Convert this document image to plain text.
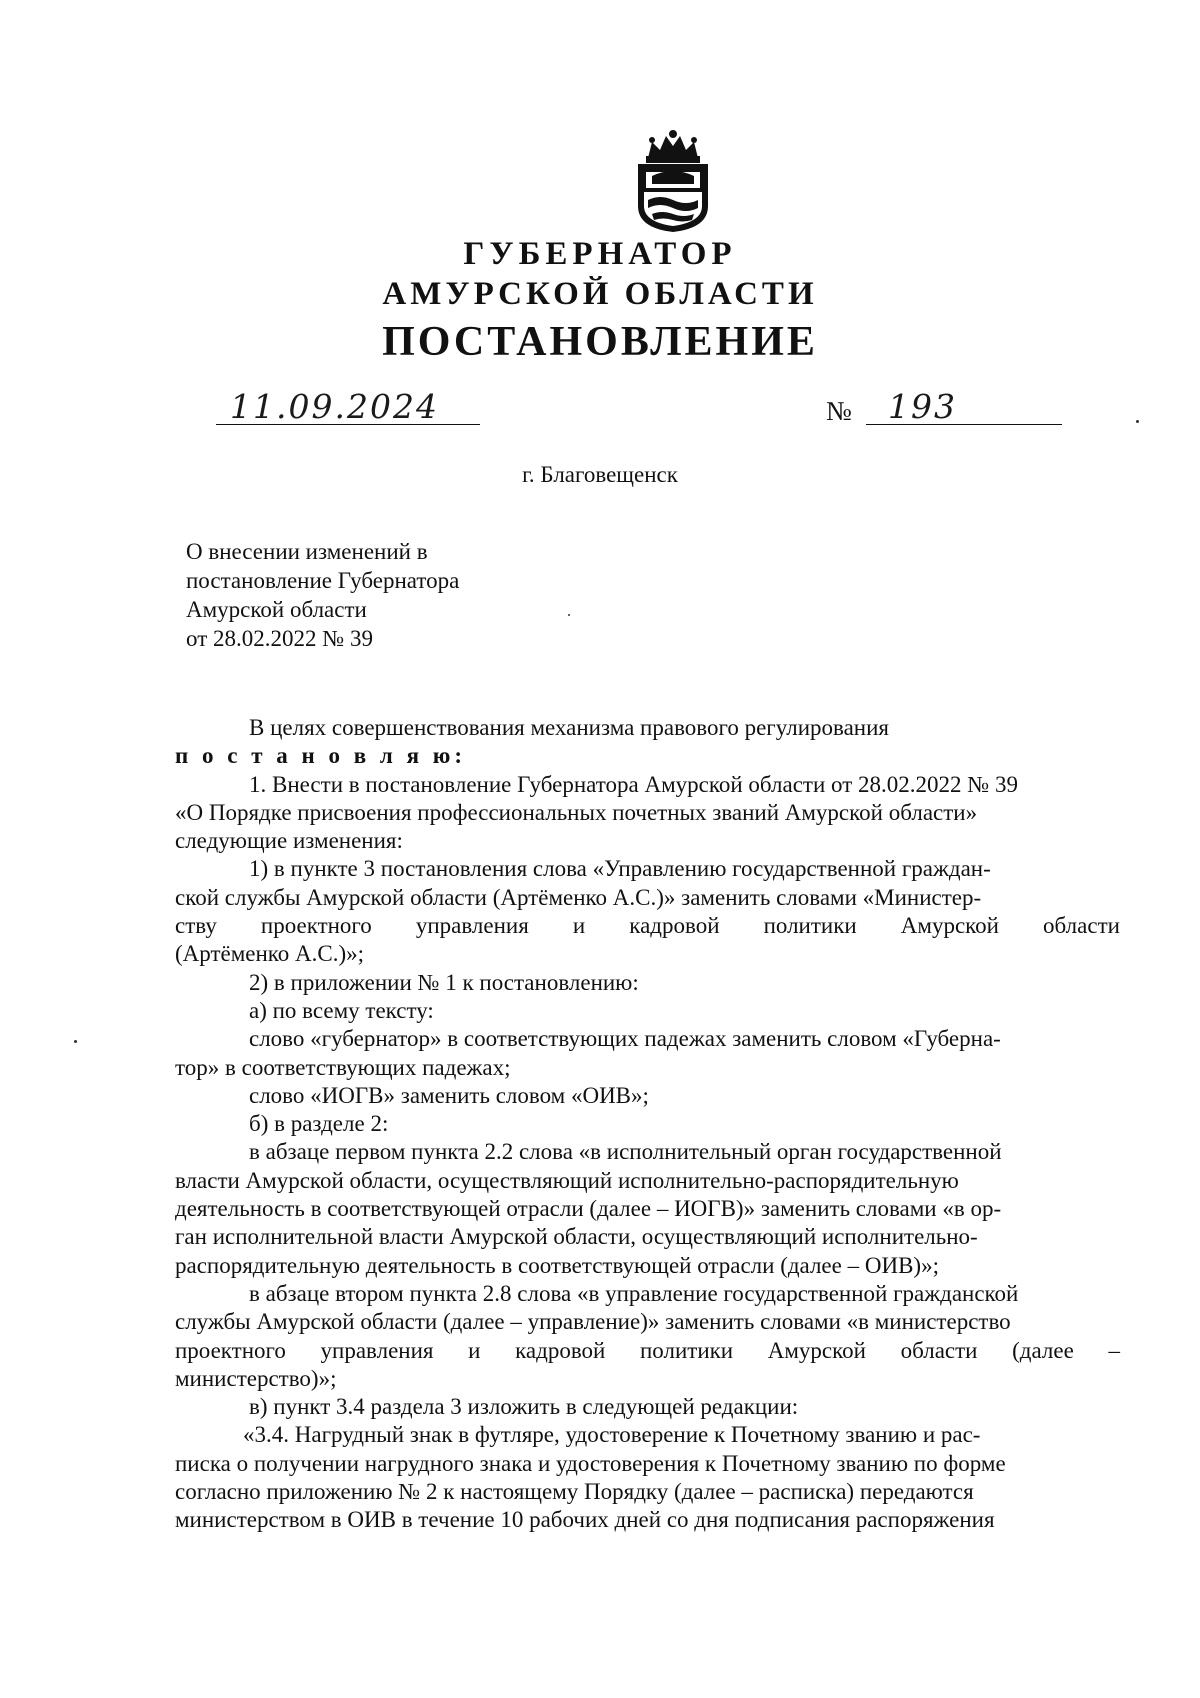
ГУБЕРНАТОР
АМУРСКОЙ ОБЛАСТИ
ПОСТАНОВЛЕНИЕ
11.09.2024	№ 193
г. Благовещенск
О внесении изменений в
постановление Губернатора
Амурской области
от 28.02.2022 № 39
В целях совершенствования механизма правового регулирования
п о с т а н о в л я ю:
1. Внести в постановление Губернатора Амурской области от 28.02.2022 № 39
«О Порядке присвоения профессиональных почетных званий Амурской области»
следующие изменения:
1) в пункте 3 постановления слова «Управлению государственной граждан-
ской службы Амурской области (Артёменко А.С.)» заменить словами «Министер-
ству проектного управления и кадровой политики Амурской области
(Артёменко А.С.)»;
2) в приложении № 1 к постановлению:
а) по всему тексту:
слово «губернатор» в соответствующих падежах заменить словом «Губерна-
тор» в соответствующих падежах;
слово «ИОГВ» заменить словом «ОИВ»;
б) в разделе 2:
в абзаце первом пункта 2.2 слова «в исполнительный орган государственной
власти Амурской области, осуществляющий исполнительно-распорядительную
деятельность в соответствующей отрасли (далее – ИОГВ)» заменить словами «в ор-
ган исполнительной власти Амурской области, осуществляющий исполнительно-
распорядительную деятельность в соответствующей отрасли (далее – ОИВ)»;
в абзаце втором пункта 2.8 слова «в управление государственной гражданской
службы Амурской области (далее – управление)» заменить словами «в министерство
проектного управления и кадровой политики Амурской области (далее –
министерство)»;
в) пункт 3.4 раздела 3 изложить в следующей редакции:
«3.4. Нагрудный знак в футляре, удостоверение к Почетному званию и рас-
писка о получении нагрудного знака и удостоверения к Почетному званию по форме
согласно приложению № 2 к настоящему Порядку (далее – расписка) передаются
министерством в ОИВ в течение 10 рабочих дней со дня подписания распоряжения
